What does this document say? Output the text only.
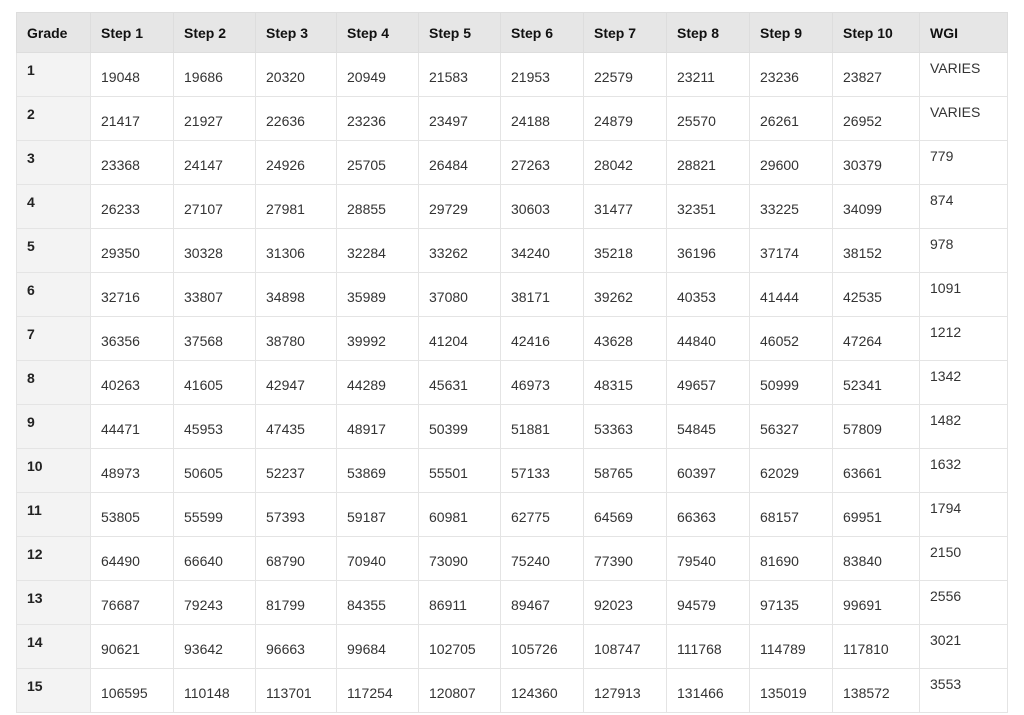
Grade	Step 1	Step 2	Step 3	Step 4	Step 5	Step 6	Step 7	Step 8	Step 9	Step 10	WGI
1	19048	19686	20320	20949	21583	21953	22579	23211	23236	23827	VARIES
2	21417	21927	22636	23236	23497	24188	24879	25570	26261	26952	VARIES
3	23368	24147	24926	25705	26484	27263	28042	28821	29600	30379	779
4	26233	27107	27981	28855	29729	30603	31477	32351	33225	34099	874
5	29350	30328	31306	32284	33262	34240	35218	36196	37174	38152	978
6	32716	33807	34898	35989	37080	38171	39262	40353	41444	42535	1091
7	36356	37568	38780	39992	41204	42416	43628	44840	46052	47264	1212
8	40263	41605	42947	44289	45631	46973	48315	49657	50999	52341	1342
9	44471	45953	47435	48917	50399	51881	53363	54845	56327	57809	1482
10	48973	50605	52237	53869	55501	57133	58765	60397	62029	63661	1632
11	53805	55599	57393	59187	60981	62775	64569	66363	68157	69951	1794
12	64490	66640	68790	70940	73090	75240	77390	79540	81690	83840	2150
13	76687	79243	81799	84355	86911	89467	92023	94579	97135	99691	2556
14	90621	93642	96663	99684	102705	105726	108747	111768	114789	117810	3021
15	106595	110148	113701	117254	120807	124360	127913	131466	135019	138572	3553
